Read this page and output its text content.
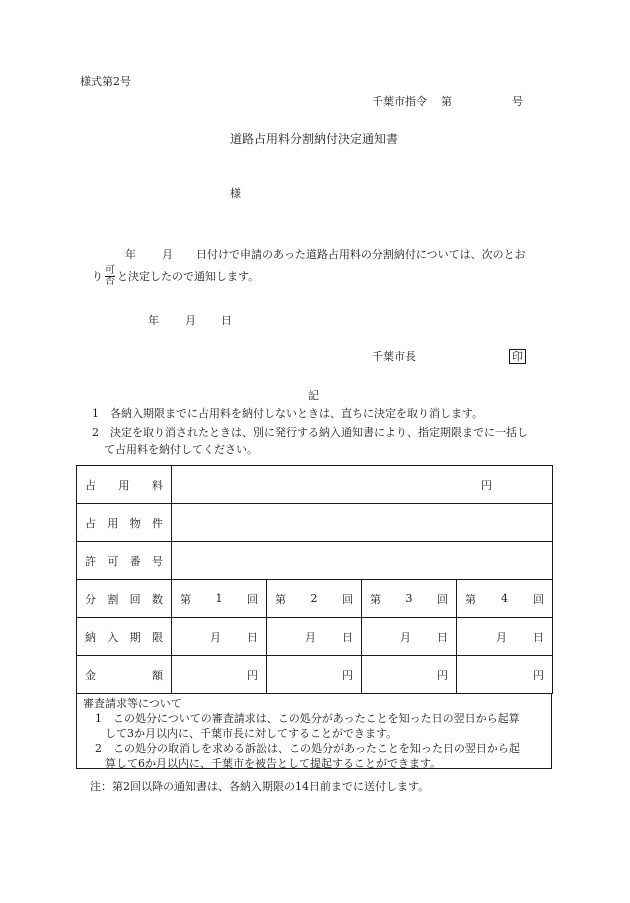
様式第2号
千葉市指令 第	号
道路占用料分割納付決定通知書
様
年 月 日付けで申請のあった道路占用料の分割納付については、次のとお
り $\frac{\text{可}}{\text{否}}$ と決定したので通知します。
年 月 日
千葉市長	印
記
1　各納入期限までに占用料を納付しないときは、直ちに決定を取り消します。
2　決定を取り消されたときは、別に発行する納入通知書により、指定期限までに一括し
て占用料を納付してください。
占 用 料	円			

占 用 物 件				

許 可 番 号				

分 割 回 数	第 1 回	第 2 回	第 3 回	第 4 回

納 入 期 限	月 日	月 日	月 日	月 日

金 額	円	円	円	円
審査請求等について
1　この処分についての審査請求は、この処分があったことを知った日の翌日から起算
して3か月以内に、千葉市長に対してすることができます。
2　この処分の取消しを求める訴訟は、この処分があったことを知った日の翌日から起
算して6か月以内に、千葉市を被告として提起することができます。
注：第2回以降の通知書は、各納入期限の14日前までに送付します。
